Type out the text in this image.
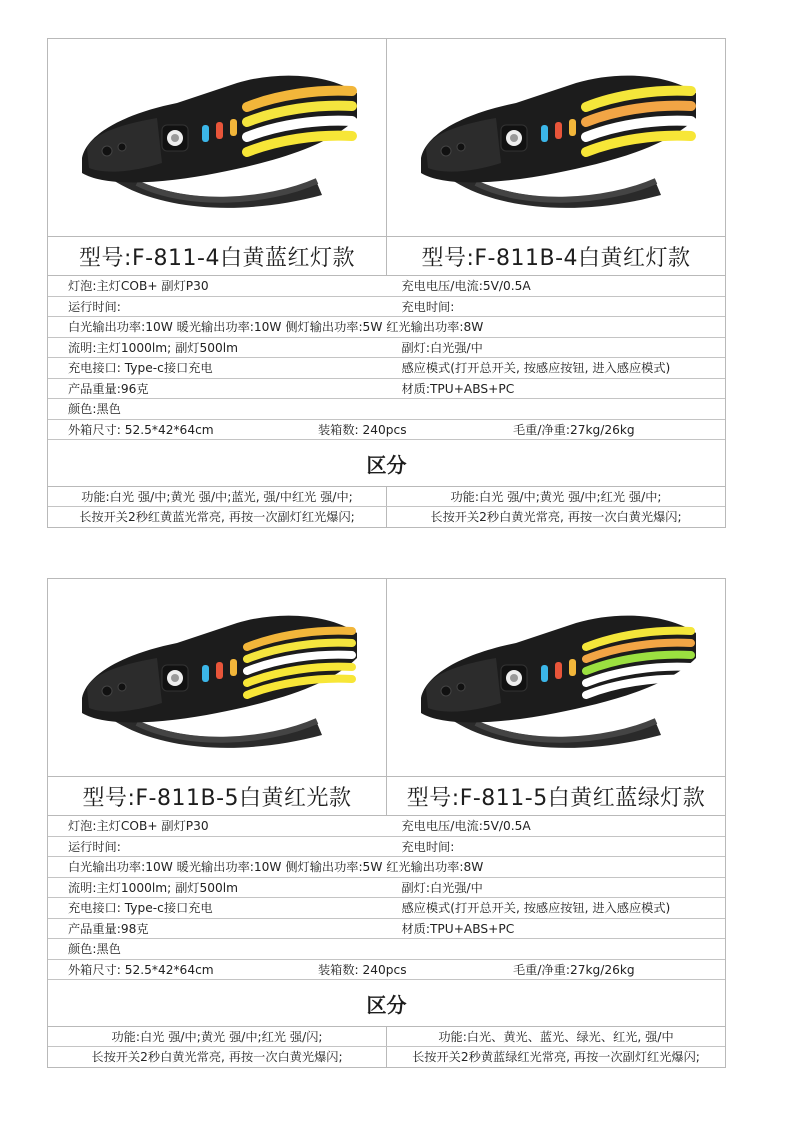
型号:F-811-4白黄蓝红灯款	型号:F-811B-4白黄红灯款
灯泡:主灯COB+ 副灯P30	充电电压/电流:5V/0.5A
运行时间:	充电时间:
白光输出功率:10W 暖光输出功率:10W 侧灯输出功率:5W 红光输出功率:8W
流明:主灯1000lm; 副灯500lm	副灯:白光强/中
充电接口: Type-c接口充电	感应模式(打开总开关, 按感应按钮, 进入感应模式)
产品重量:96克	材质:TPU+ABS+PC
颜色:黑色
外箱尺寸: 52.5*42*64cm	装箱数: 240pcs	毛重/净重:27kg/26kg
区分
功能:白光 强/中;黄光 强/中;蓝光, 强/中红光 强/中;	功能:白光 强/中;黄光 强/中;红光 强/中;
长按开关2秒红黄蓝光常亮, 再按一次副灯红光爆闪;	长按开关2秒白黄光常亮, 再按一次白黄光爆闪;
型号:F-811B-5白黄红光款	型号:F-811-5白黄红蓝绿灯款
灯泡:主灯COB+ 副灯P30	充电电压/电流:5V/0.5A
运行时间:	充电时间:
白光输出功率:10W 暖光输出功率:10W 侧灯输出功率:5W 红光输出功率:8W
流明:主灯1000lm; 副灯500lm	副灯:白光强/中
充电接口: Type-c接口充电	感应模式(打开总开关, 按感应按钮, 进入感应模式)
产品重量:98克	材质:TPU+ABS+PC
颜色:黑色
外箱尺寸: 52.5*42*64cm	装箱数: 240pcs	毛重/净重:27kg/26kg
区分
功能:白光 强/中;黄光 强/中;红光 强/闪;	功能:白光、黄光、蓝光、绿光、红光, 强/中
长按开关2秒白黄光常亮, 再按一次白黄光爆闪;	长按开关2秒黄蓝绿红光常亮, 再按一次副灯红光爆闪;
